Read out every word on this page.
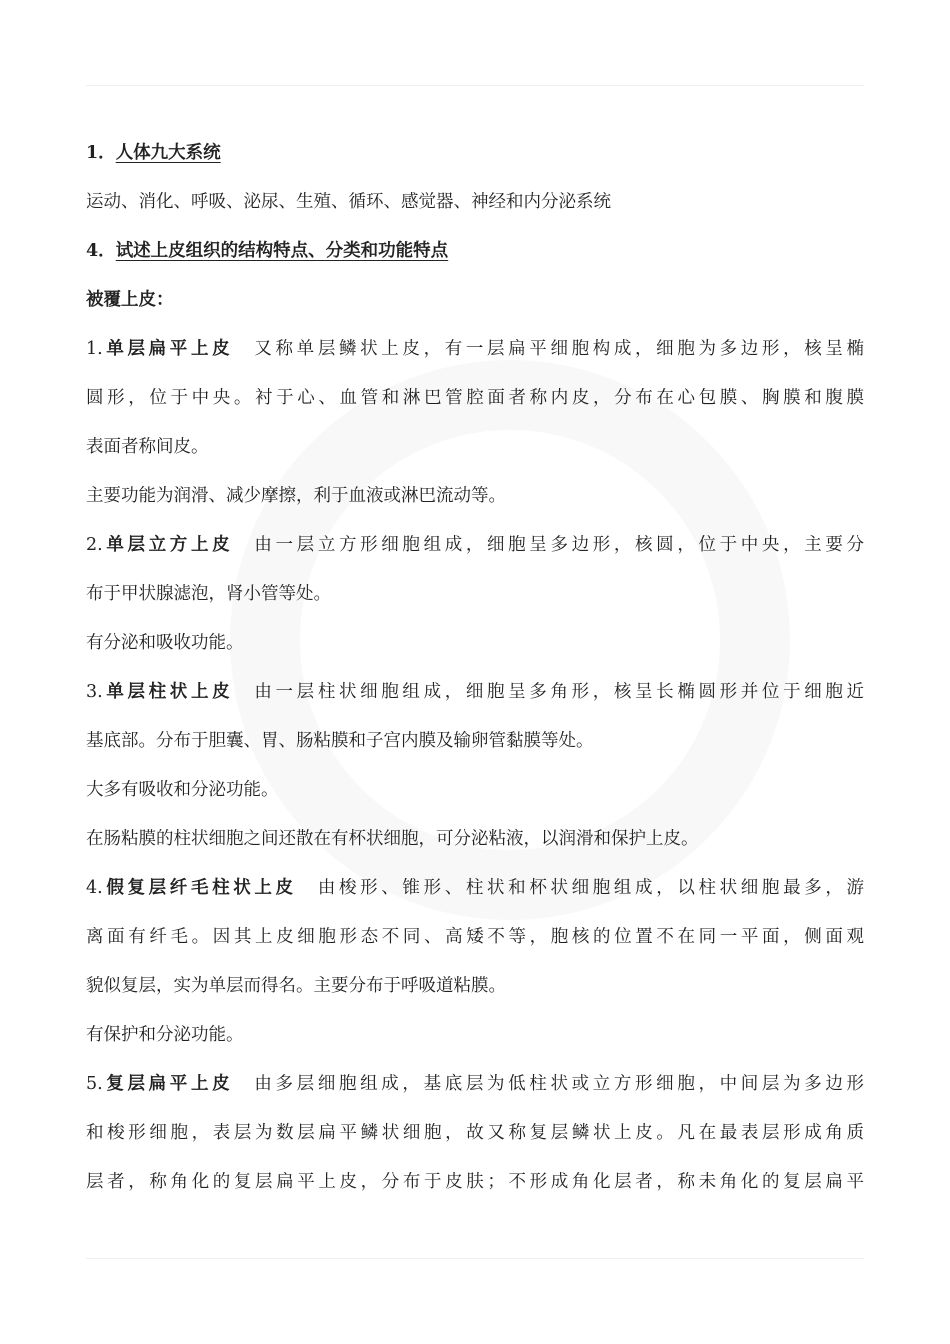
1．人体九大系统
运动、消化、呼吸、泌尿、生殖、循环、感觉器、神经和内分泌系统
4．试述上皮组织的结构特点、分类和功能特点
被覆上皮：
1.单层扁平上皮　 又称单层鳞状上皮，有一层扁平细胞构成，细胞为多边形，核呈椭
圆形，位于中央。衬于心、血管和淋巴管腔面者称内皮，分布在心包膜、胸膜和腹膜
表面者称间皮。
主要功能为润滑、减少摩擦，利于血液或淋巴流动等。
2.单层立方上皮　 由一层立方形细胞组成，细胞呈多边形，核圆，位于中央，主要分
布于甲状腺滤泡，肾小管等处。
有分泌和吸收功能。
3.单层柱状上皮　 由一层柱状细胞组成，细胞呈多角形，核呈长椭圆形并位于细胞近
基底部。分布于胆囊、胃、肠粘膜和子宫内膜及输卵管黏膜等处。
大多有吸收和分泌功能。
在肠粘膜的柱状细胞之间还散在有杯状细胞，可分泌粘液，以润滑和保护上皮。
4.假复层纤毛柱状上皮　 由梭形、锥形、柱状和杯状细胞组成，以柱状细胞最多，游
离面有纤毛。因其上皮细胞形态不同、高矮不等，胞核的位置不在同一平面，侧面观
貌似复层，实为单层而得名。主要分布于呼吸道粘膜。
有保护和分泌功能。
5.复层扁平上皮　 由多层细胞组成，基底层为低柱状或立方形细胞，中间层为多边形
和梭形细胞，表层为数层扁平鳞状细胞，故又称复层鳞状上皮。凡在最表层形成角质
层者，称角化的复层扁平上皮，分布于皮肤；不形成角化层者，称未角化的复层扁平
